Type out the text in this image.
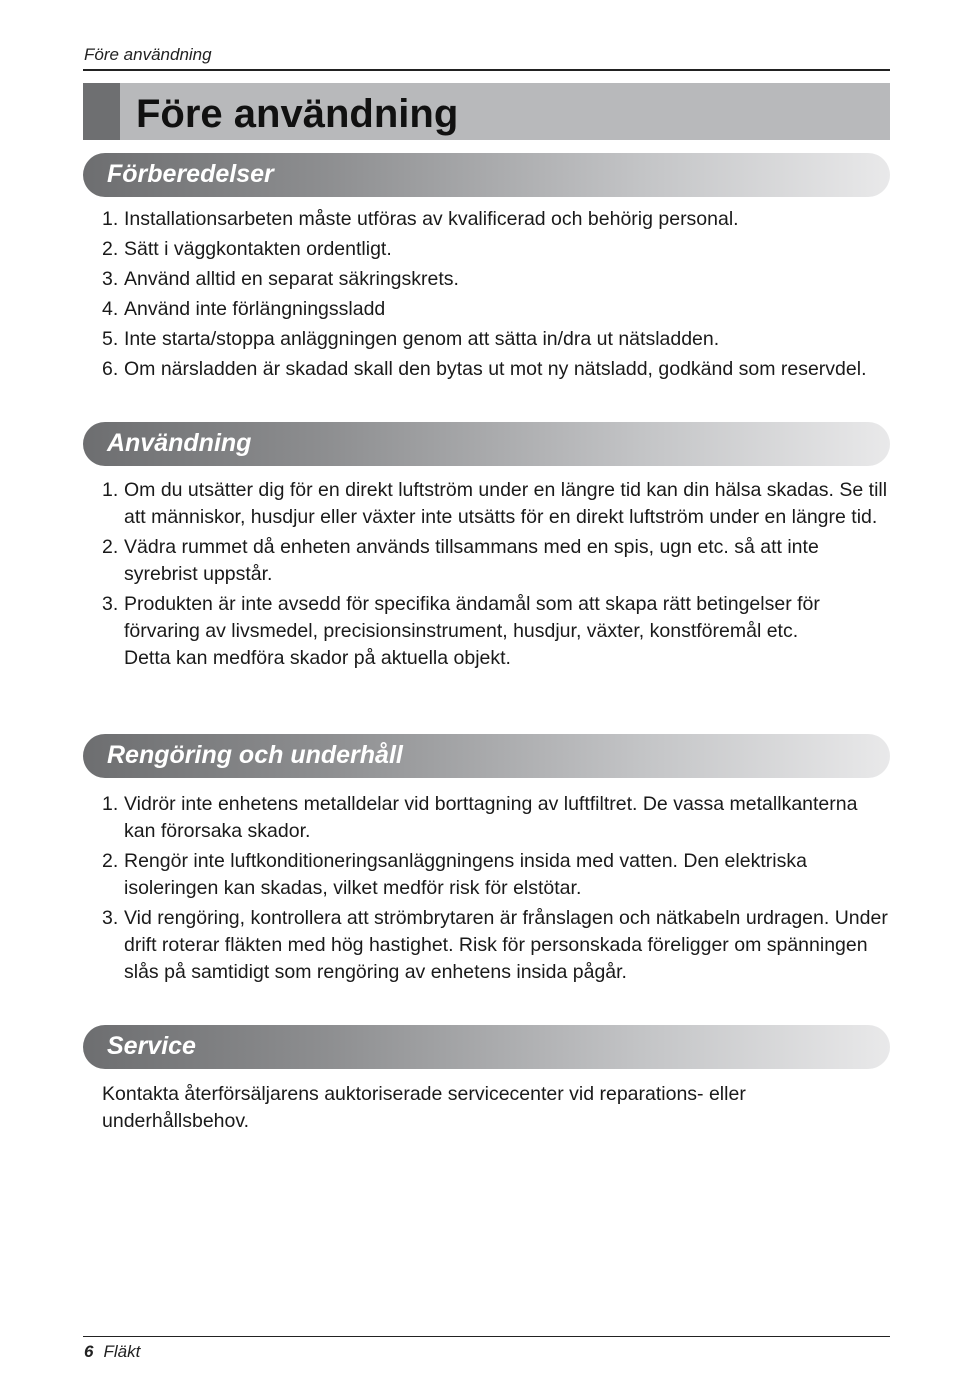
Före användning
Före användning
Förberedelser
1. Installationsarbeten måste utföras av kvalificerad och behörig personal.
2. Sätt i väggkontakten ordentligt.
3. Använd alltid en separat säkringskrets.
4. Använd inte förlängningssladd
5. Inte starta/stoppa anläggningen genom att sätta in/dra ut nätsladden.
6. Om närsladden är skadad skall den bytas ut mot ny nätsladd, godkänd som reservdel.
Användning
1. Om du utsätter dig för en direkt luftström under en längre tid kan din hälsa skadas. Se till att människor, husdjur eller växter inte utsätts för en direkt luftström under en längre tid.
2. Vädra rummet då enheten används tillsammans med en spis, ugn etc. så att inte syrebrist uppstår.
3. Produkten är inte avsedd för specifika ändamål som att skapa rätt betingelser för förvaring av livsmedel, precisionsinstrument, husdjur, växter, konstföremål etc.
Detta kan medföra skador på aktuella objekt.
Rengöring och underhåll
1. Vidrör inte enhetens metalldelar vid borttagning av luftfiltret. De vassa metallkanterna kan förorsaka skador.
2. Rengör inte luftkonditioneringsanläggningens insida med vatten. Den elektriska isoleringen kan skadas, vilket medför risk för elstötar.
3. Vid rengöring, kontrollera att strömbrytaren är frånslagen och nätkabeln urdragen. Under drift roterar fläkten med hög hastighet. Risk för personskada föreligger om spänningen slås på samtidigt som rengöring av enhetens insida pågår.
Service

Kontakta återförsäljarens auktoriserade servicecenter vid reparations- eller underhållsbehov.

6 Fläkt
